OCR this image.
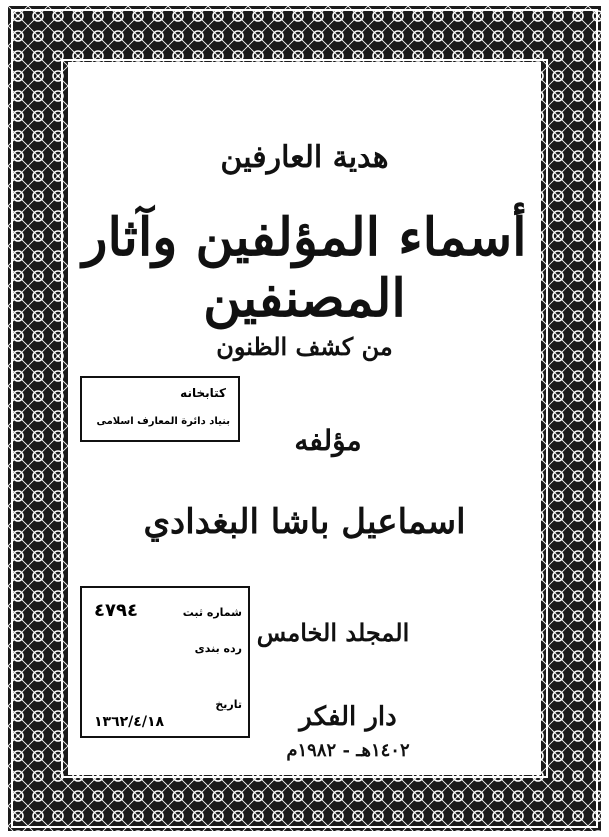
هدية العارفين
أسماء المؤلفين وآثار المصنفين
من كشف الظنون
مؤلفه
اسماعيل باشا البغدادي
المجلد الخامس
دار الفكر
١٤٠٢هـ - ١٩٨٢م
كتابخانه
بنياد دائرة المعارف اسلامی
شماره ثبت
٤٧٩٤
رده بندی
تاریخ
١٣٦٢/٤/١٨
